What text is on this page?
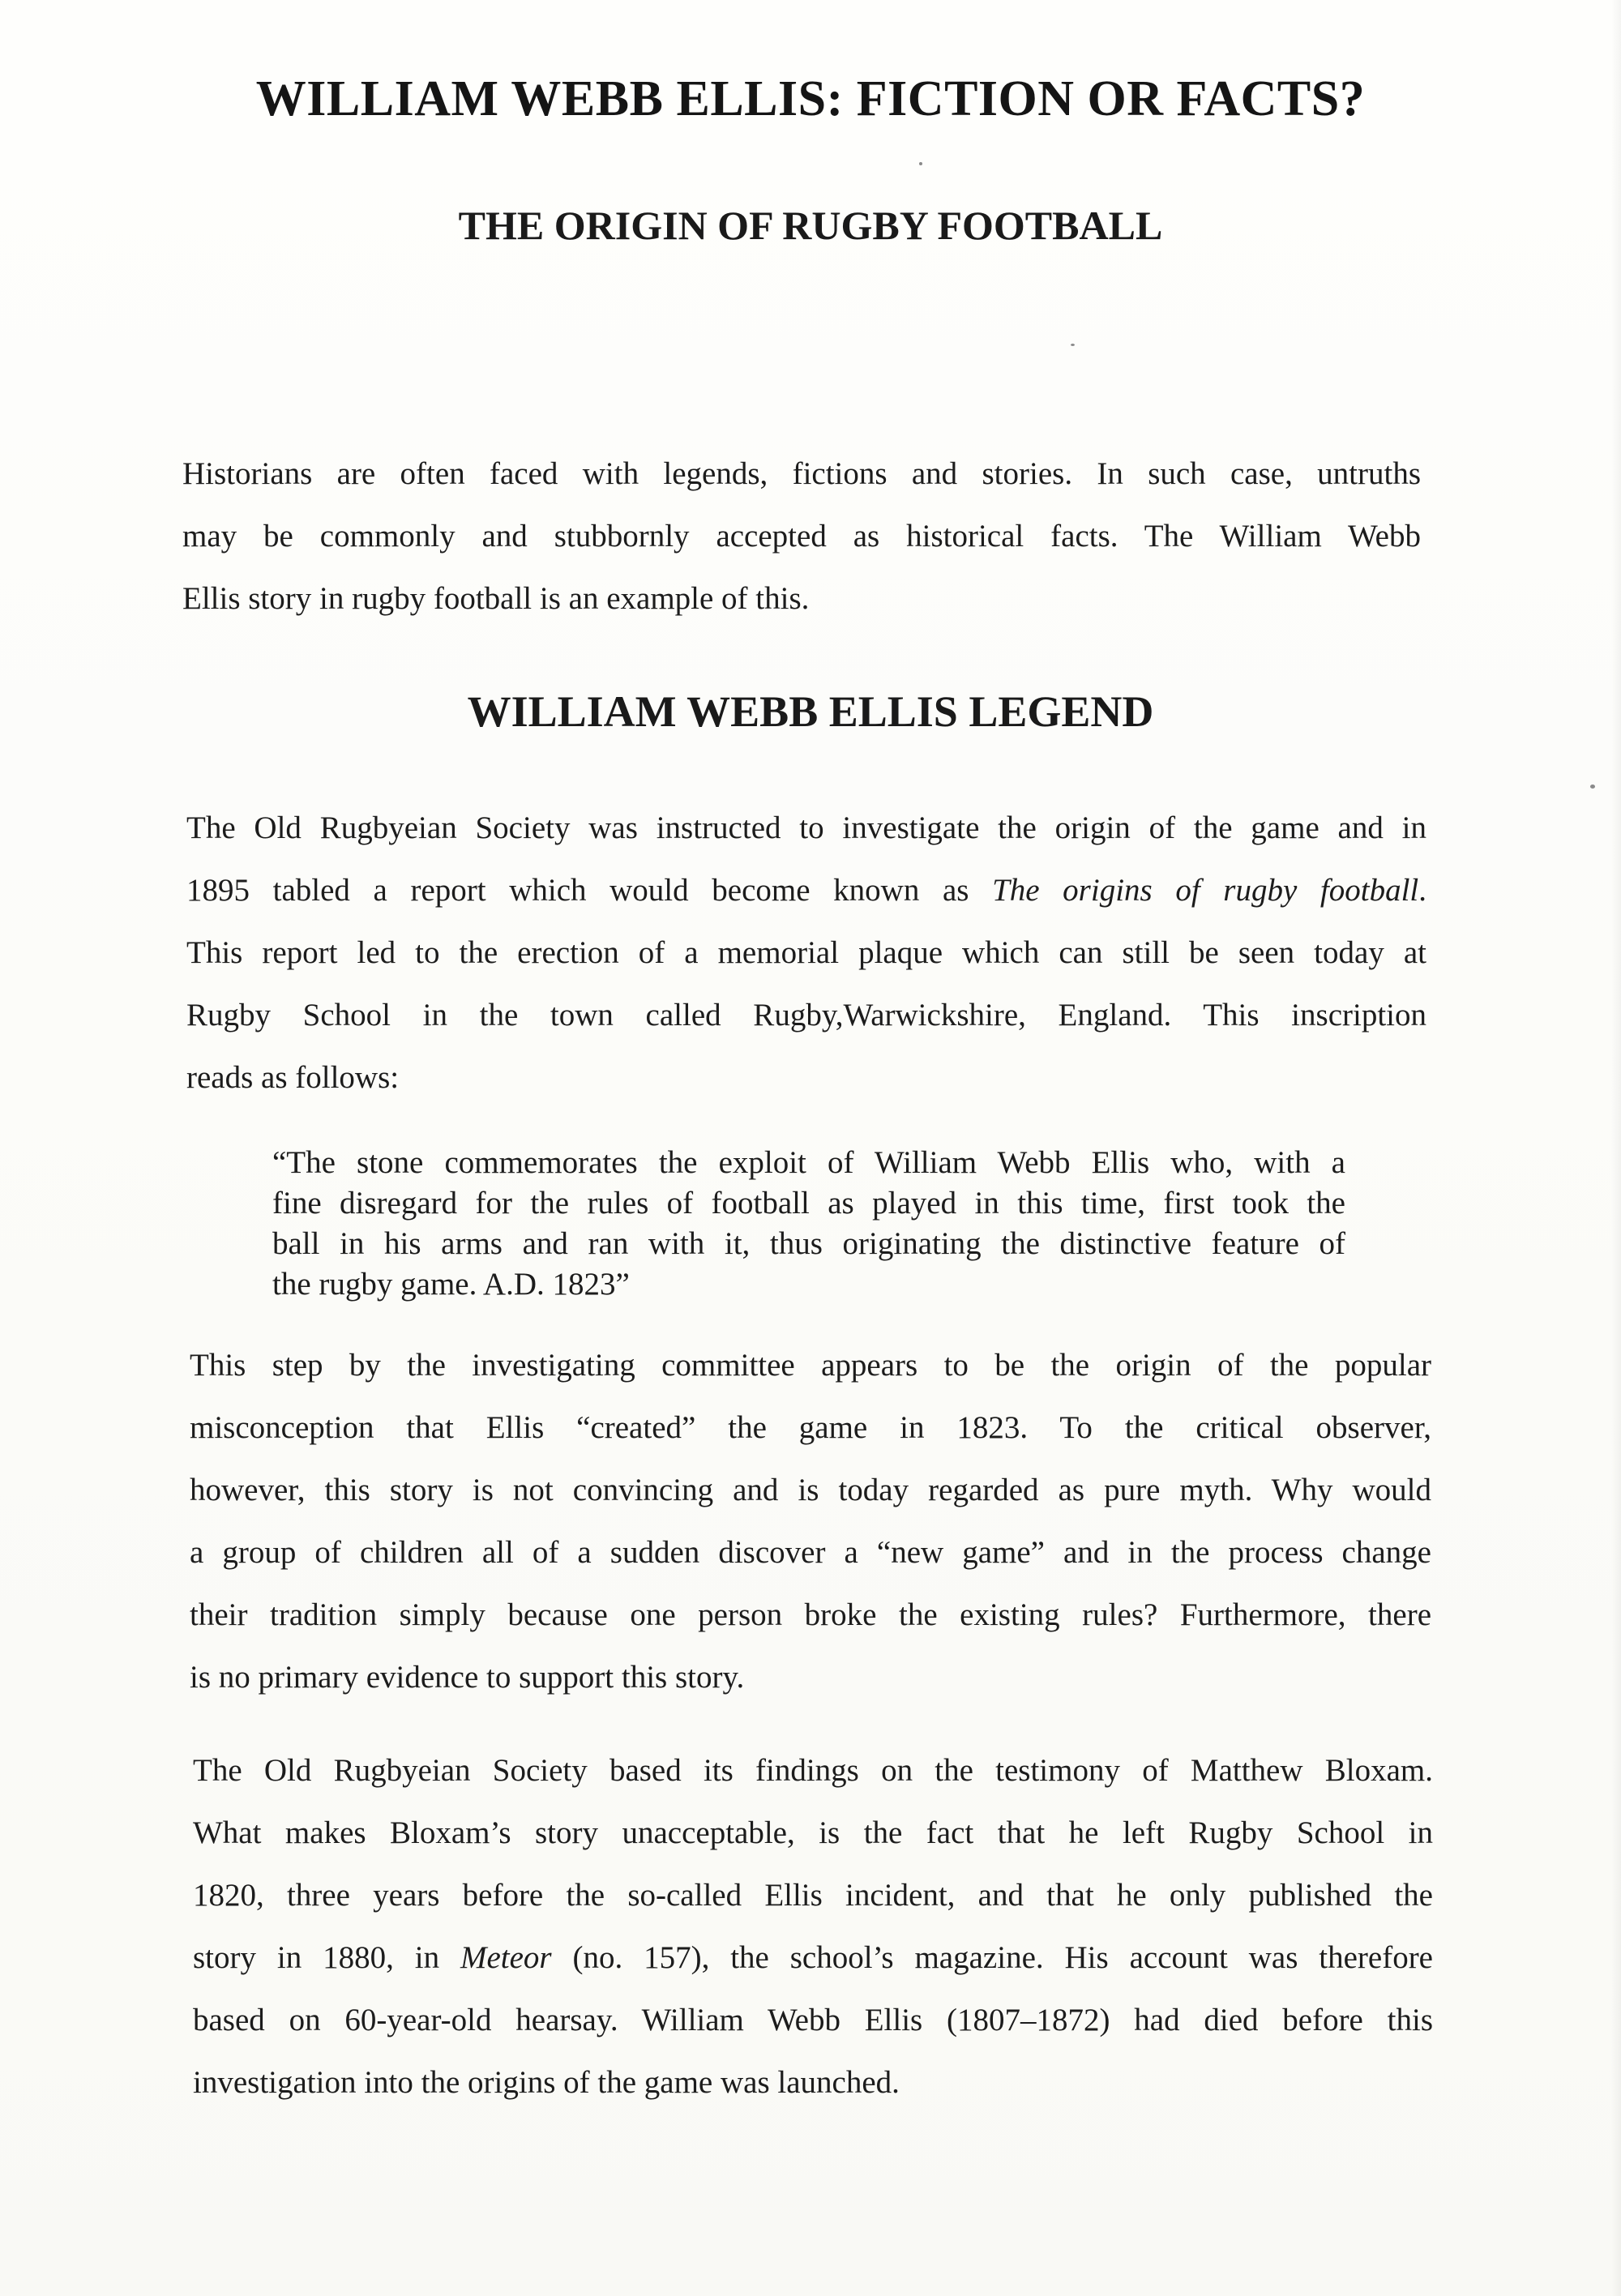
WILLIAM WEBB ELLIS: FICTION OR FACTS?
THE ORIGIN OF RUGBY FOOTBALL
Historians are often faced with legends, fictions and stories. In such case, untruths
may be commonly and stubbornly accepted as historical facts. The William Webb
Ellis story in rugby football is an example of this.
WILLIAM WEBB ELLIS LEGEND
The Old Rugbyeian Society was instructed to investigate the origin of the game and in
1895 tabled a report which would become known as The origins of rugby football.
This report led to the erection of a memorial plaque which can still be seen today at
Rugby School in the town called Rugby,Warwickshire, England. This inscription
reads as follows:
“The stone commemorates the exploit of William Webb Ellis who, with a
fine disregard for the rules of football as played in this time, first took the
ball in his arms and ran with it, thus originating the distinctive feature of
the rugby game. A.D. 1823”
This step by the investigating committee appears to be the origin of the popular
misconception that Ellis “created” the game in 1823. To the critical observer,
however, this story is not convincing and is today regarded as pure myth. Why would
a group of children all of a sudden discover a “new game” and in the process change
their tradition simply because one person broke the existing rules? Furthermore, there
is no primary evidence to support this story.
The Old Rugbyeian Society based its findings on the testimony of Matthew Bloxam.
What makes Bloxam’s story unacceptable, is the fact that he left Rugby School in
1820, three years before the so-called Ellis incident, and that he only published the
story in 1880, in Meteor (no. 157), the school’s magazine. His account was therefore
based on 60-year-old hearsay. William Webb Ellis (1807–1872) had died before this
investigation into the origins of the game was launched.
